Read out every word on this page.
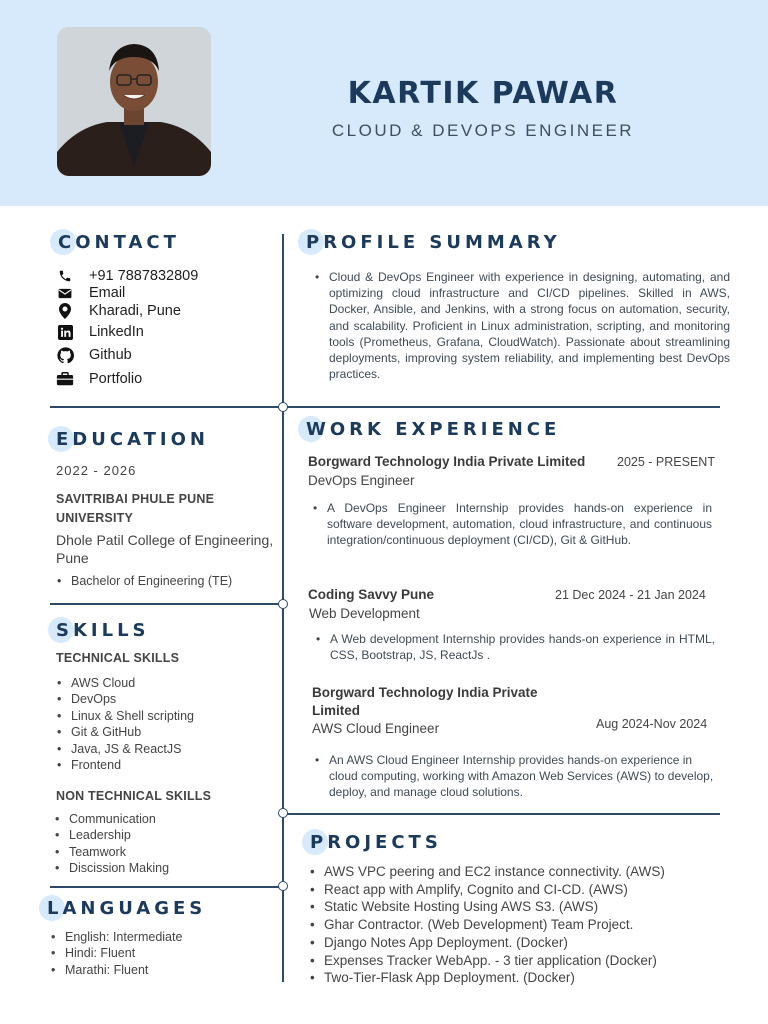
KARTIK PAWAR
CLOUD & DEVOPS ENGINEER
CONTACT
+91 7887832809
Email
Kharadi, Pune
LinkedIn
Github
Portfolio
EDUCATION
2022 - 2026
SAVITRIBAI PHULE PUNE UNIVERSITY
Dhole Patil College of Engineering, Pune
• Bachelor of Engineering (TE)
SKILLS
TECHNICAL SKILLS
• AWS Cloud
• DevOps
• Linux & Shell scripting
• Git & GitHub
• Java, JS & ReactJS
• Frontend
NON TECHNICAL SKILLS
• Communication
• Leadership
• Teamwork
• Discission Making
LANGUAGES
• English: Intermediate
• Hindi: Fluent
• Marathi: Fluent
PROFILE SUMMARY
• Cloud & DevOps Engineer with experience in designing, automating, and optimizing cloud infrastructure and CI/CD pipelines. Skilled in AWS, Docker, Ansible, and Jenkins, with a strong focus on automation, security, and scalability. Proficient in Linux administration, scripting, and monitoring tools (Prometheus, Grafana, CloudWatch). Passionate about streamlining deployments, improving system reliability, and implementing best DevOps practices.
WORK EXPERIENCE
Borgward Technology India Private Limited	2025 - PRESENT
DevOps Engineer
• A DevOps Engineer Internship provides hands-on experience in software development, automation, cloud infrastructure, and continuous integration/continuous deployment (CI/CD), Git & GitHub.
Coding Savvy Pune	21 Dec 2024 - 21 Jan 2024
Web Development
• A Web development Internship provides hands-on experience in HTML, CSS, Bootstrap, JS, ReactJs .
Borgward Technology India Private Limited
Aug 2024-Nov 2024
AWS Cloud Engineer
• An AWS Cloud Engineer Internship provides hands-on experience in cloud computing, working with Amazon Web Services (AWS) to develop, deploy, and manage cloud solutions.
PROJECTS
• AWS VPC peering and EC2 instance connectivity. (AWS)
• React app with Amplify, Cognito and CI-CD. (AWS)
• Static Website Hosting Using AWS S3. (AWS)
• Ghar Contractor. (Web Development) Team Project.
• Django Notes App Deployment. (Docker)
• Expenses Tracker WebApp. - 3 tier application (Docker)
• Two-Tier-Flask App Deployment. (Docker)
